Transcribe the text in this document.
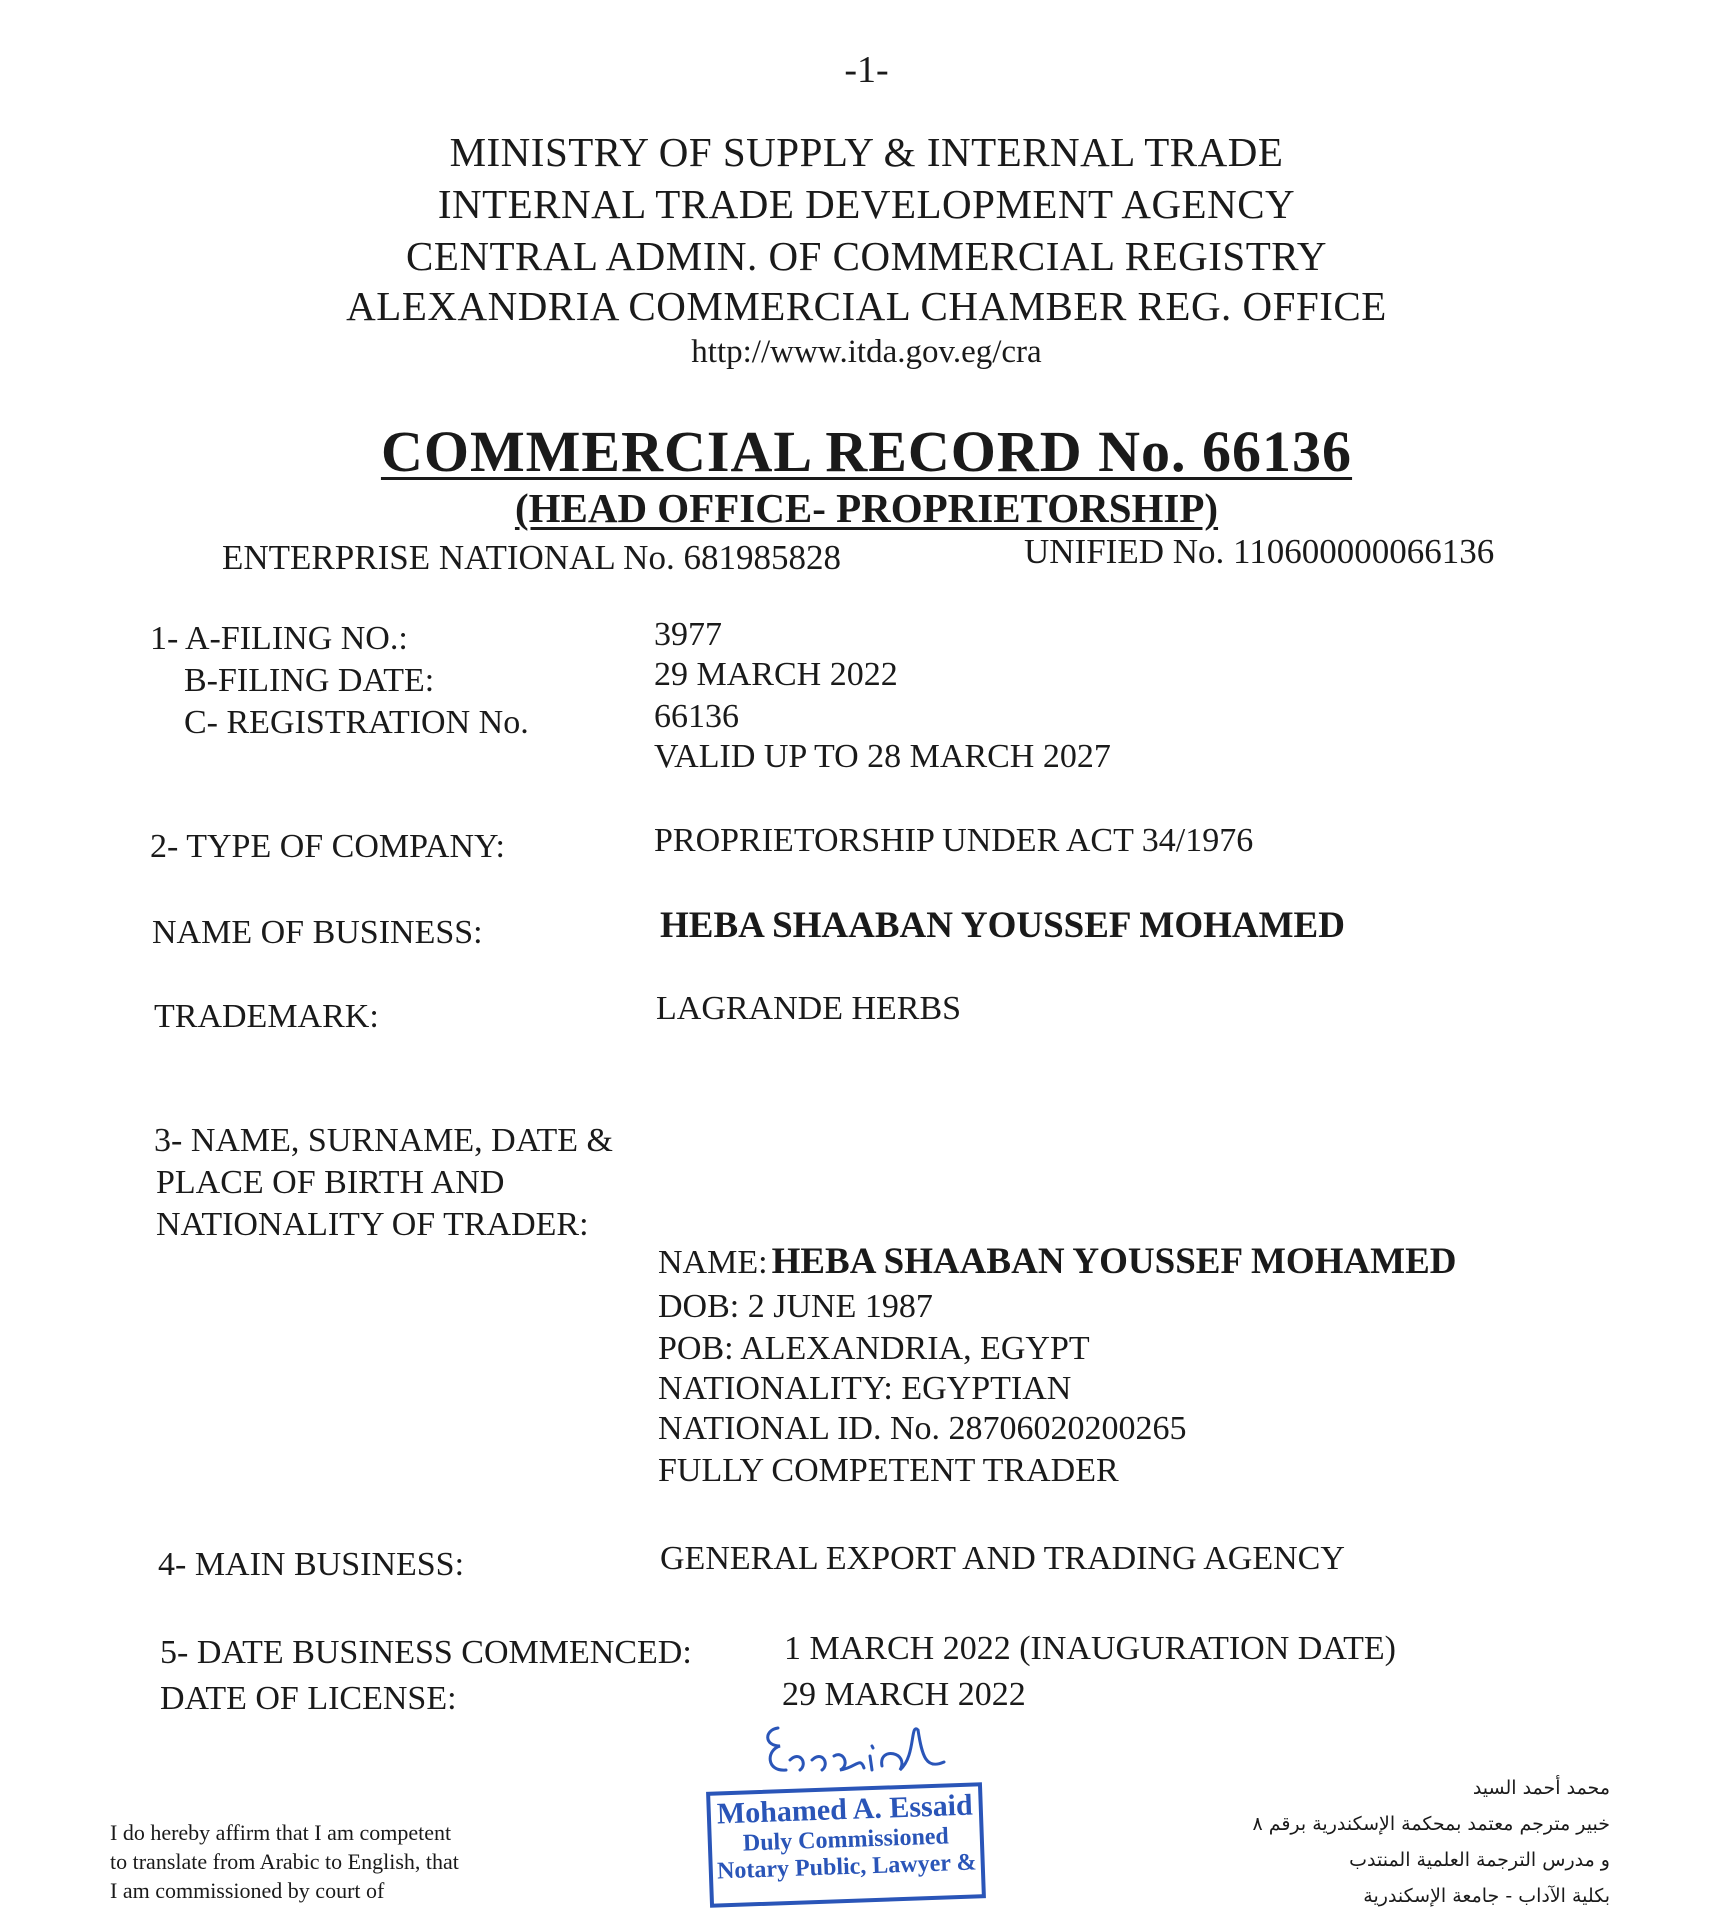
-1-
MINISTRY OF SUPPLY & INTERNAL TRADE
INTERNAL TRADE DEVELOPMENT AGENCY
CENTRAL ADMIN. OF COMMERCIAL REGISTRY
ALEXANDRIA COMMERCIAL CHAMBER REG. OFFICE
http://www.itda.gov.eg/cra
COMMERCIAL RECORD No. 66136
(HEAD OFFICE- PROPRIETORSHIP)
ENTERPRISE NATIONAL No. 681985828	UNIFIED No. 110600000066136
1- A-FILING NO.:	3977
B-FILING DATE:	29 MARCH 2022
C- REGISTRATION No.	66136
VALID UP TO 28 MARCH 2027
2- TYPE OF COMPANY:	PROPRIETORSHIP UNDER ACT 34/1976
NAME OF BUSINESS:	HEBA SHAABAN YOUSSEF MOHAMED
TRADEMARK:	LAGRANDE HERBS
3- NAME, SURNAME, DATE &
PLACE OF BIRTH AND
NATIONALITY OF TRADER:
NAME: HEBA SHAABAN YOUSSEF MOHAMED
DOB: 2 JUNE 1987
POB: ALEXANDRIA, EGYPT
NATIONALITY: EGYPTIAN
NATIONAL ID. No. 28706020200265
FULLY COMPETENT TRADER
4- MAIN BUSINESS:	GENERAL EXPORT AND TRADING AGENCY
5- DATE BUSINESS COMMENCED:	1 MARCH 2022 (INAUGURATION DATE)
DATE OF LICENSE:	29 MARCH 2022
Mohamed A. Essaid
Duly Commissioned
Notary Public, Lawyer &
I do hereby affirm that I am competent
to translate from Arabic to English, that
I am commissioned by court of
محمد أحمد السيد
خبير مترجم معتمد بمحكمة الإسكندرية برقم ٨
و مدرس الترجمة العلمية المنتدب
بكلية الآداب - جامعة الإسكندرية
